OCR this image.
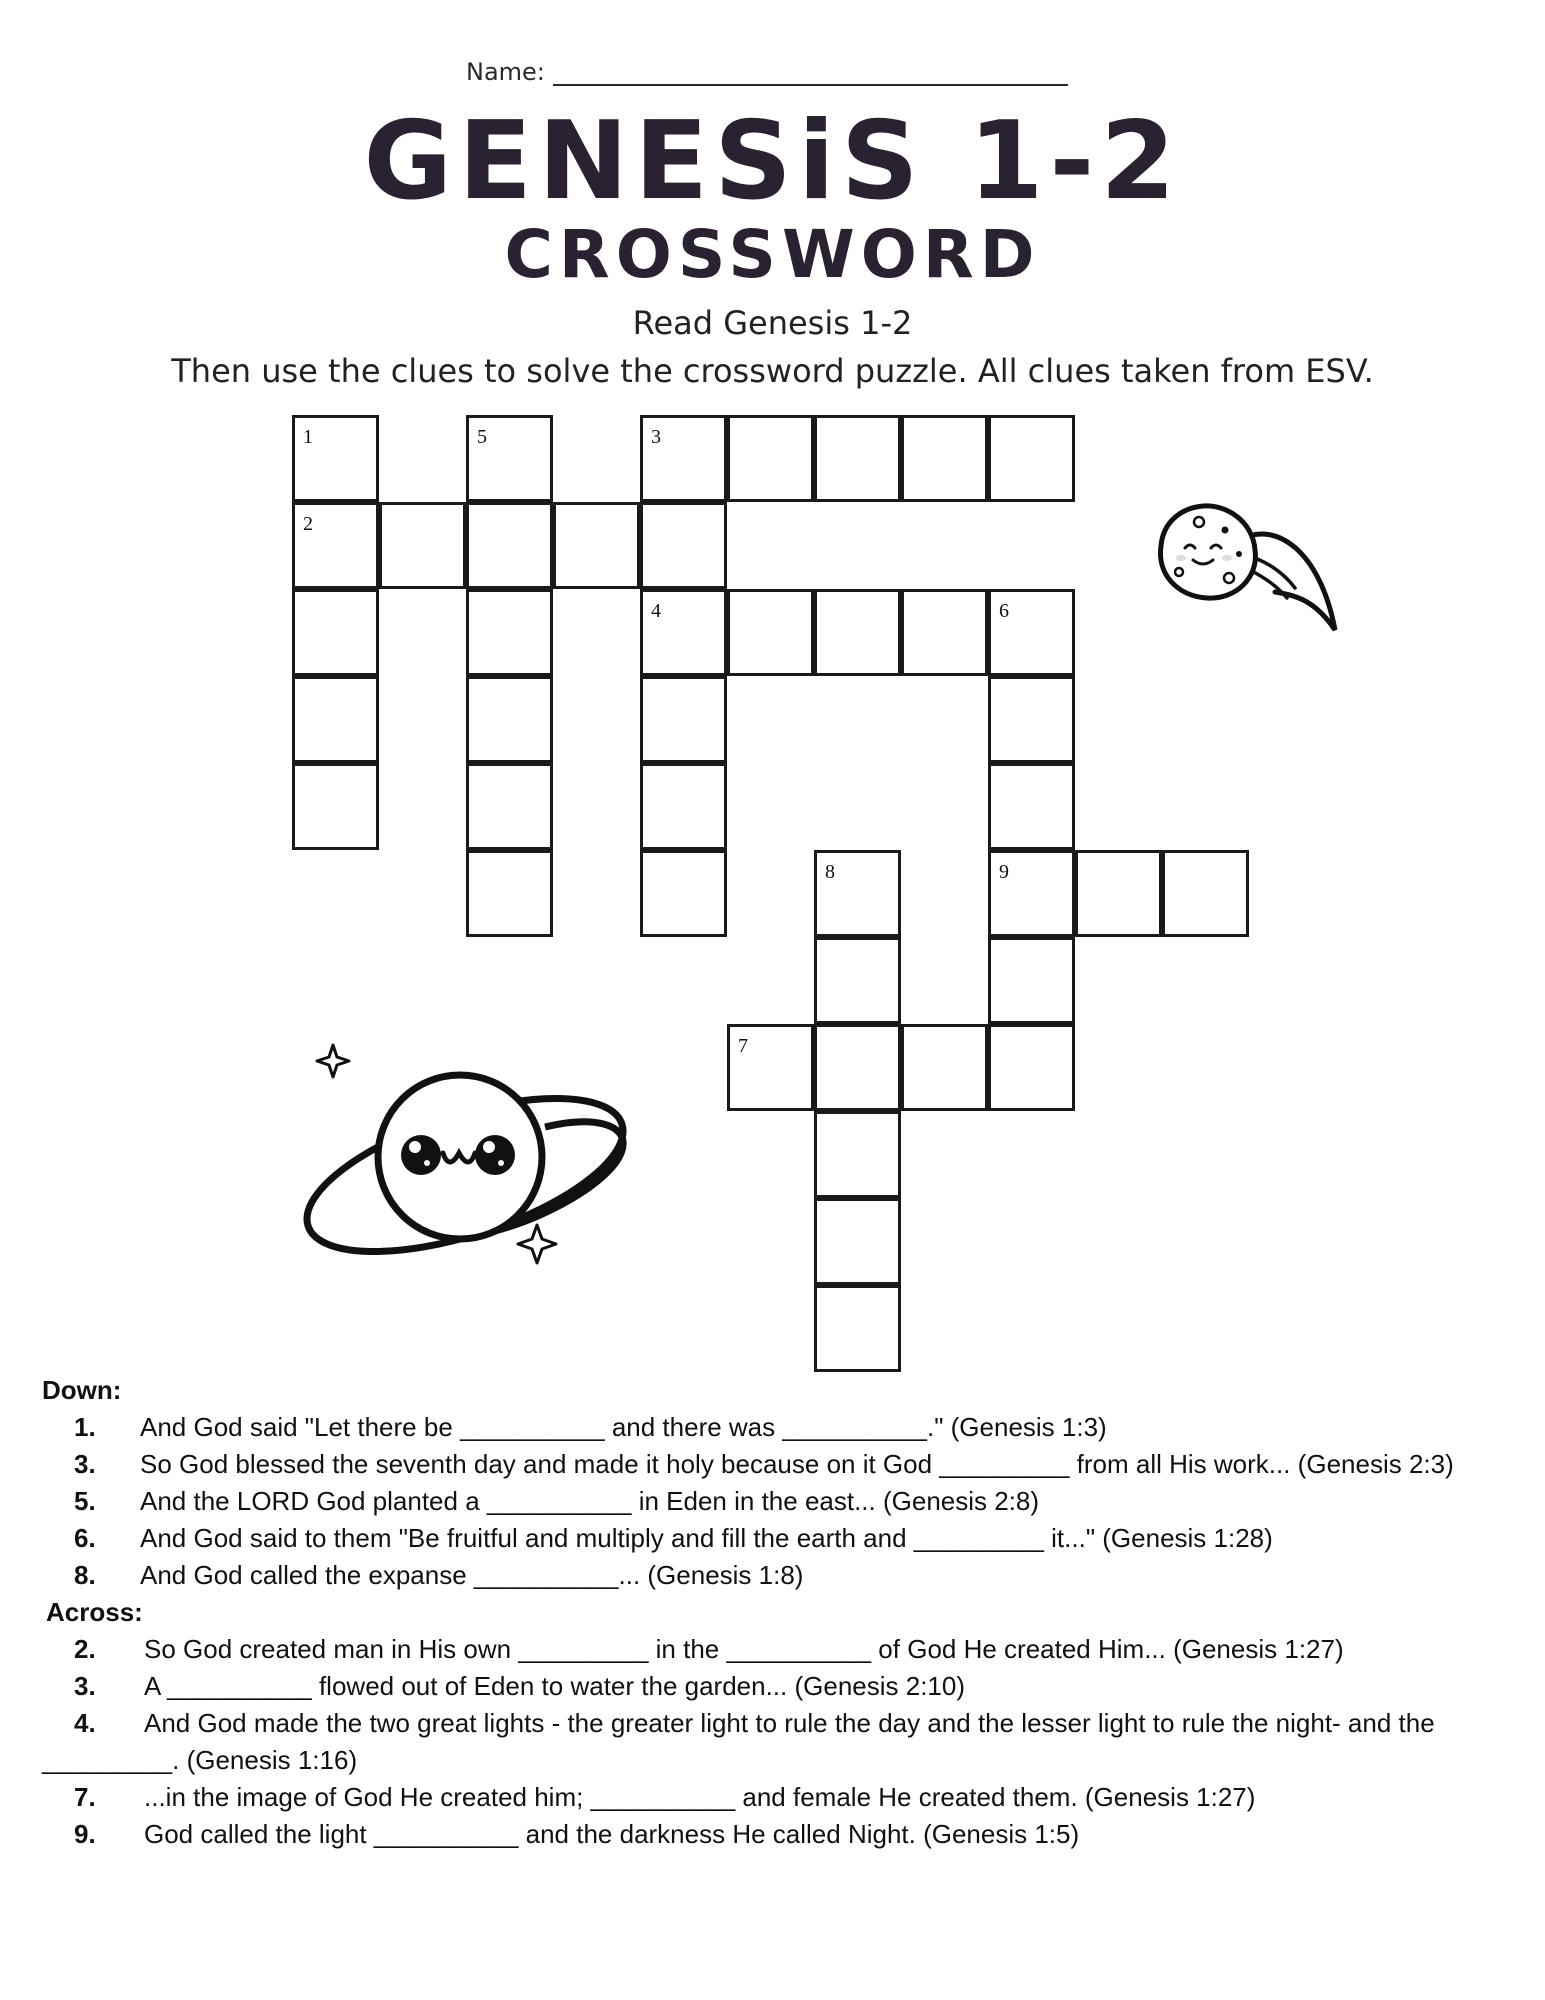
Name:
GENESiS 1-2
CROSSWORD
Read Genesis 1-2
Then use the clues to solve the crossword puzzle. All clues taken from ESV.
1	5	3
2
4	6
8	9
7
Down:
1. And God said "Let there be __________ and there was __________." (Genesis 1:3)
3. So God blessed the seventh day and made it holy because on it God _________ from all His work... (Genesis 2:3)
5. And the LORD God planted a __________ in Eden in the east... (Genesis 2:8)
6. And God said to them "Be fruitful and multiply and fill the earth and _________ it..." (Genesis 1:28)
8. And God called the expanse __________... (Genesis 1:8)
Across:
2. So God created man in His own _________ in the __________ of God He created Him... (Genesis 1:27)
3. A __________ flowed out of Eden to water the garden... (Genesis 2:10)
4. And God made the two great lights - the greater light to rule the day and the lesser light to rule the night- and the _________. (Genesis 1:16)
7. ...in the image of God He created him; __________ and female He created them. (Genesis 1:27)
9. God called the light __________ and the darkness He called Night. (Genesis 1:5)
